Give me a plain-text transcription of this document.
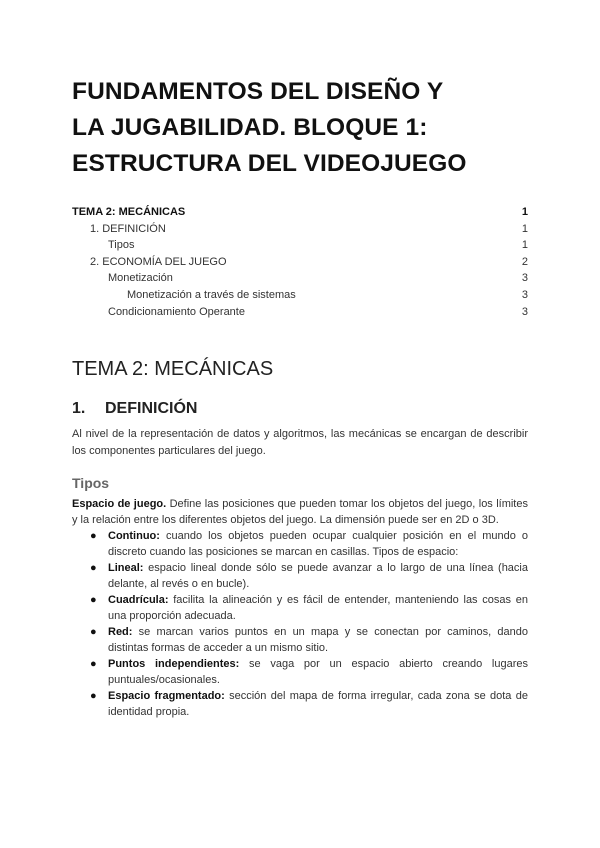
FUNDAMENTOS DEL DISEÑO Y
LA JUGABILIDAD. BLOQUE 1:
ESTRUCTURA DEL VIDEOJUEGO
TEMA 2: MECÁNICAS	1
1. DEFINICIÓN	1
Tipos	1
2. ECONOMÍA DEL JUEGO	2
Monetización	3
Monetización a través de sistemas	3
Condicionamiento Operante	3
TEMA 2: MECÁNICAS
1.	DEFINICIÓN

Al nivel de la representación de datos y algoritmos, las mecánicas se encargan de describir los componentes particulares del juego.

Tipos

Espacio de juego. Define las posiciones que pueden tomar los objetos del juego, los límites y la relación entre los diferentes objetos del juego. La dimensión puede ser en 2D o 3D.

● Continuo: cuando los objetos pueden ocupar cualquier posición en el mundo o discreto cuando las posiciones se marcan en casillas. Tipos de espacio:
● Lineal: espacio lineal donde sólo se puede avanzar a lo largo de una línea (hacia delante, al revés o en bucle).
● Cuadrícula: facilita la alineación y es fácil de entender, manteniendo las cosas en una proporción adecuada.
● Red: se marcan varios puntos en un mapa y se conectan por caminos, dando distintas formas de acceder a un mismo sitio.
● Puntos independientes: se vaga por un espacio abierto creando lugares puntuales/ocasionales.
● Espacio fragmentado: sección del mapa de forma irregular, cada zona se dota de identidad propia.
